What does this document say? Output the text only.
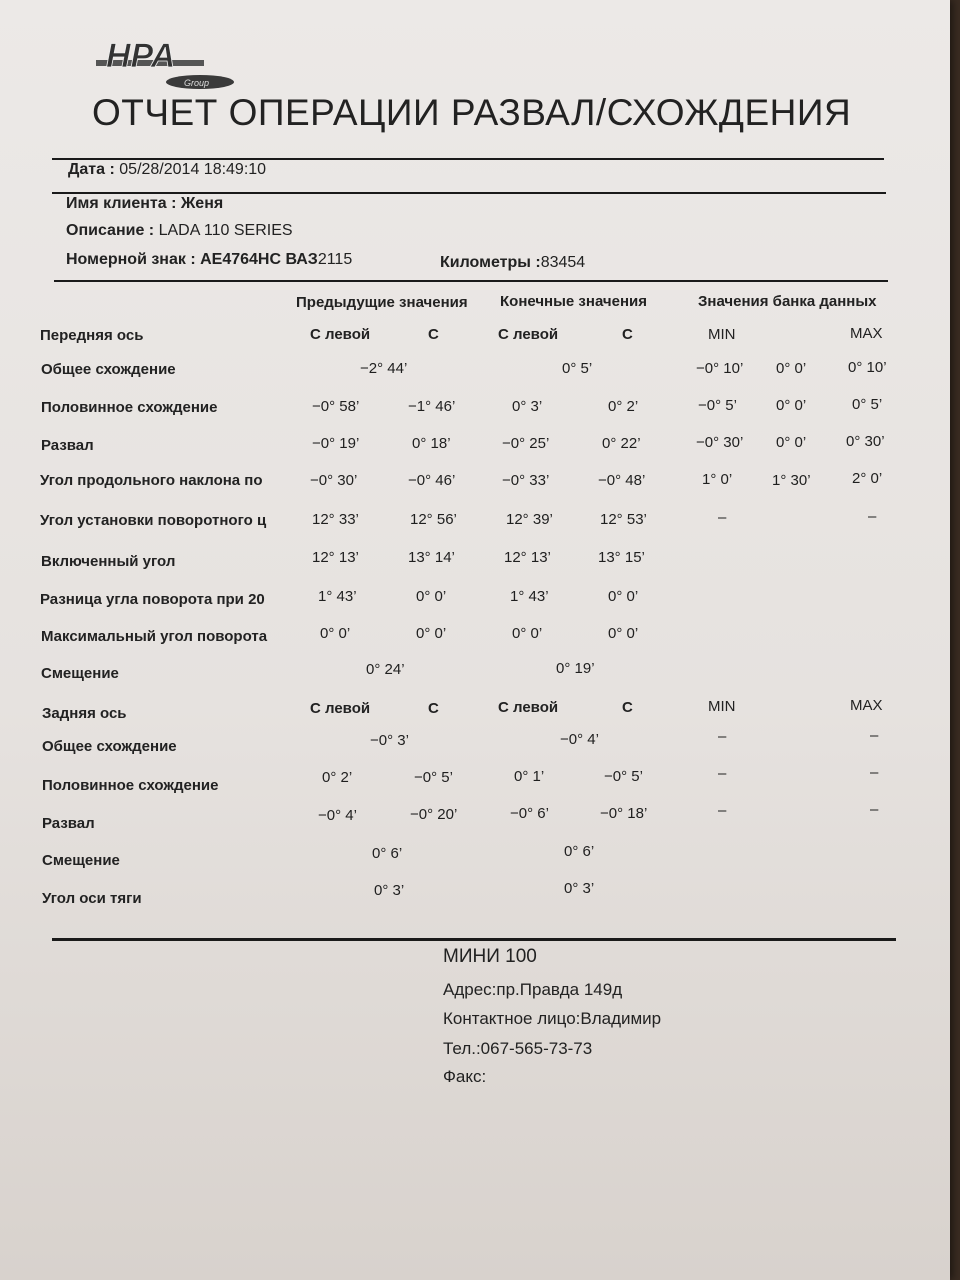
HPA
Group
ОТЧЕТ ОПЕРАЦИИ РАЗВАЛ/СХОЖДЕНИЯ
Дата : 05/28/2014 18:49:10
Имя клиента : Женя
Описание : LADA 110 SERIES
Номерной знак : АЕ4764НС ВАЗ2115	Километры :83454
Предыдущие значения Конечные значения	Значения банка данных
Передняя ось	С левой	С	С левой	С	MIN	MAX
Общее схождение	−2° 44’	0° 5’	−0° 10’ 0° 0’	0° 10’
Половинное схождение	−0° 58’	−1° 46’	0° 3’	0° 2’	−0° 5’	0° 0’	0° 5’
Развал	−0° 19’	0° 18’	−0° 25’	0° 22’	−0° 30’ 0° 0’	0° 30’
Угол продольного наклона по	−0° 30’	−0° 46’	−0° 33’	−0° 48’	1° 0’	1° 30’	2° 0’
Угол установки поворотного ц	12° 33’	12° 56’	12° 39’	12° 53’	–	–
Включенный угол	12° 13’	13° 14’	12° 13’	13° 15’
Разница угла поворота при 20	1° 43’	0° 0’	1° 43’	0° 0’
Максимальный угол поворота	0° 0’	0° 0’	0° 0’	0° 0’
Смещение	0° 24’	0° 19’
Задняя ось	С левой	С	С левой	С	MIN	MAX
Общее схождение	−0° 3’	−0° 4’	–	–
Половинное схождение	0° 2’	−0° 5’	0° 1’	−0° 5’	–	–
Развал	−0° 4’	−0° 20’	−0° 6’	−0° 18’	–	–
Смещение	0° 6’	0° 6’
Угол оси тяги	0° 3’	0° 3’
МИНИ 100
Адрес:пр.Правда 149д
Контактное лицо:Владимир
Тел.:067-565-73-73
Факс:
